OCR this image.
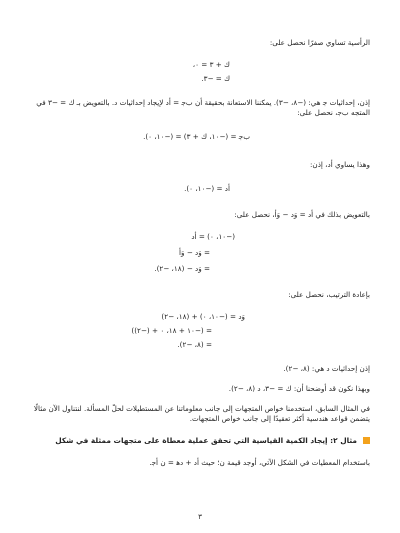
الرأسية تساوي صفرًا نحصل على:
ك + ٣ = ٠،
ك = −٣.
إذن، إحداثيات ﺟ هي: (−٨، −٣). يمكننا الاستعانة بحقيقة أن بﺟ = أد لإيجاد إحداثيات د. بالتعويض بـ ك = −٣ في المتجه بﺟ، نحصل على:
بﺟ = (−١٠، ك + ٣) = (−١٠، ٠).
وهذا يساوي أد، إذن:
أد = (−١٠، ٠).
بالتعويض بذلك في أد = وَد − وَأ، نحصل على:
(−١٠، ٠) = أد
= وَد − وَأ
= وَد − (١٨، −٢).
بإعادة الترتيب، نحصل على:
وَد = (−١٠، ٠) + (١٨، −٢)
= (−١٠ + ١٨، ٠ + (−٢))
= (٨، −٢).
إذن إحداثيات د هي: (٨، −٢).
وبهذا نكون قد أوضحنا أن: ك = −٣، د (٨، −٢).
في المثال السابق، استخدمنا خواص المتجهات إلى جانب معلوماتنا عن المستطيلات لحلّ المسألة. لنتناول الآن مثالًا يتضمن قواعد هندسية أكثر تعقيدًا إلى جانب خواص المتجهات.
مثال ٢: إيجاد الكمية القياسية التي تحقق عملية معطاة على متجهات ممثلة في شكل
باستخدام المعطيات في الشكل الآتي، أوجد قيمة ن؛ حيث أد + دﻫ = ن أﺟ.
٣
